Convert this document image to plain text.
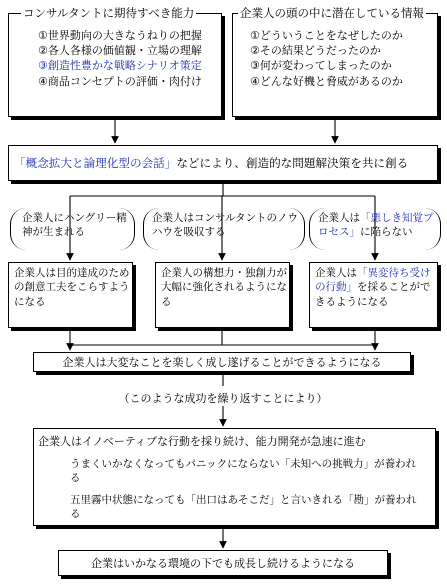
コンサルタントに期待すべき能力
①世界動向の大きなうねりの把握
②各人各様の価値観・立場の理解
③創造性豊かな戦略シナリオ策定
④商品コンセプトの評価・肉付け
企業人の頭の中に潜在している情報
①どういうことをなぜしたのか
②その結果どうだったのか
③何が変わってしまったのか
④どんな好機と脅威があるのか
「概念拡大と論理化型の会話」などにより、創造的な問題解決策を共に創る
企業人にハングリー精神が生まれる
企業人はコンサルタントのノウハウを吸収する
企業人は「悪しき知覚プロセス」に陥らない
企業人は目的達成のための創意工夫をこらすようになる
企業人の構想力・独創力が大幅に強化されるようになる
企業人は「異変待ち受けの行動」を採ることができるようになる
企業人は大変なことを楽しく成し遂げることができるようになる
（このような成功を繰り返すことにより）
企業人はイノベーティブな行動を採り続け、能力開発が急速に進む
うまくいかなくなってもパニックにならない「未知への挑戦力」が養われる
五里霧中状態になっても「出口はあそこだ」と言いきれる「勘」が養われる
企業はいかなる環境の下でも成長し続けるようになる
